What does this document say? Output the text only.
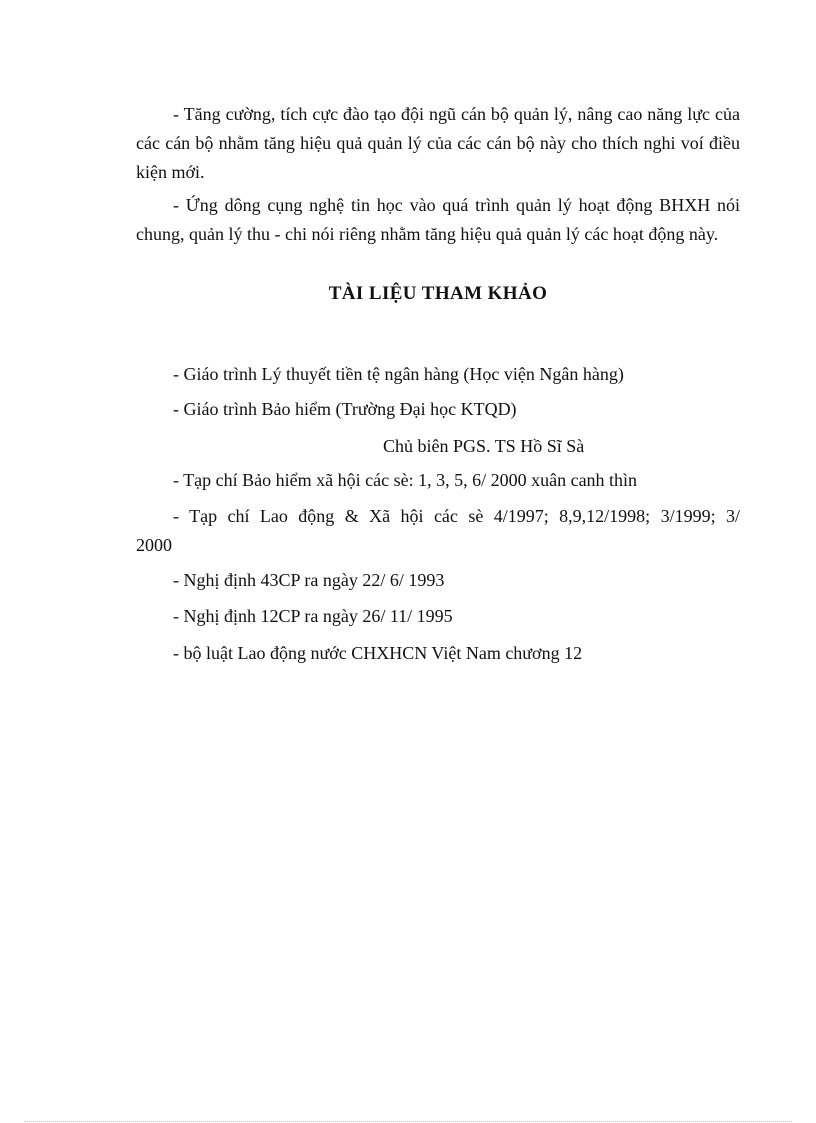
- Tăng cường, tích cực đào tạo đội ngũ cán bộ quản lý, nâng cao năng lực của các cán bộ nhằm tăng hiệu quả quản lý của các cán bộ này cho thích nghi voí điều kiện mới.

- Ứng dông cụng nghệ tin học vào quá trình quản lý hoạt động BHXH nói chung, quản lý thu - chi nói riêng nhằm tăng hiệu quả quản lý các hoạt động này.

TÀI LIỆU THAM KHẢO

- Giáo trình Lý thuyết tiền tệ ngân hàng (Học viện Ngân hàng)

- Giáo trình Bảo hiểm (Trường Đại học KTQD)

Chủ biên PGS. TS Hồ Sĩ Sà

- Tạp chí Bảo hiểm xã hội các sè: 1, 3, 5, 6/ 2000 xuân canh thìn

- Tạp chí Lao động & Xã hội các sè 4/1997; 8,9,12/1998; 3/1999; 3/ 2000

- Nghị định 43CP ra ngày 22/ 6/ 1993

- Nghị định 12CP ra ngày 26/ 11/ 1995

- bộ luật Lao động nước CHXHCN Việt Nam chương 12
